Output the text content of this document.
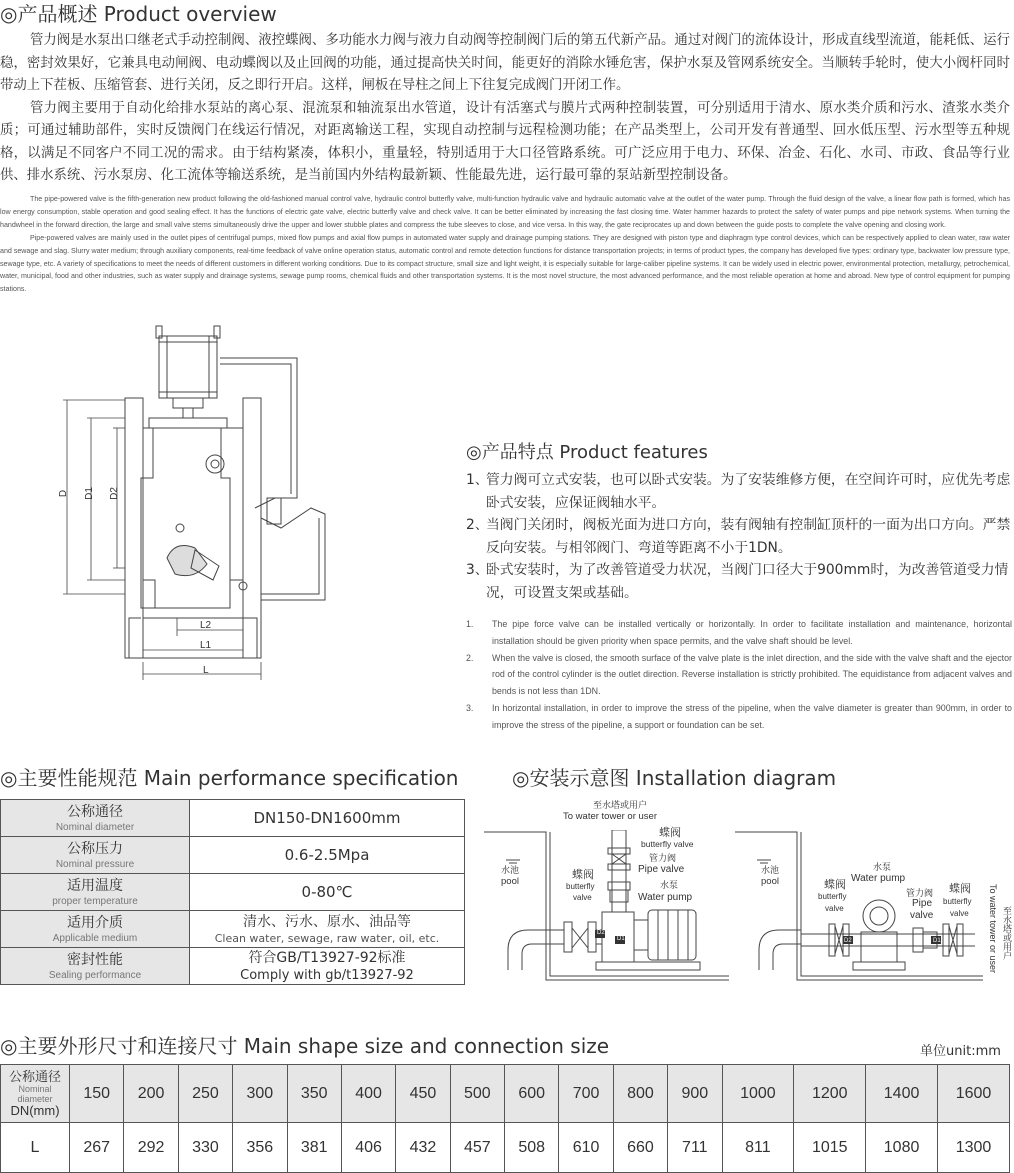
◎产品概述 Product overview
管力阀是水泵出口继老式手动控制阀、液控蝶阀、多功能水力阀与液力自动阀等控制阀门后的第五代新产品。通过对阀门的流体设计，形成直线型流道，能耗低、运行稳，密封效果好，它兼具电动闸阀、电动蝶阀以及止回阀的功能，通过提高快关时间，能更好的消除水锤危害，保护水泵及管网系统安全。当顺转手轮时，使大小阀杆同时带动上下茬板、压缩管套、进行关闭，反之即行开启。这样，闸板在导柱之间上下往复完成阀门开闭工作。
管力阀主要用于自动化给排水泵站的离心泵、混流泵和轴流泵出水管道，设计有活塞式与膜片式两种控制装置，可分别适用于清水、原水类介质和污水、渣浆水类介质；可通过辅助部件，实时反馈阀门在线运行情况，对距离输送工程，实现自动控制与远程检测功能；在产品类型上，公司开发有普通型、回水低压型、污水型等五种规格，以满足不同客户不同工况的需求。由于结构紧凑，体积小，重量轻，特别适用于大口径管路系统。可广泛应用于电力、环保、冶金、石化、水司、市政、食品等行业供、排水系统、污水泵房、化工流体等输送系统，是当前国内外结构最新颖、性能最先进，运行最可靠的泵站新型控制设备。
The pipe-powered valve is the fifth-generation new product following the old-fashioned manual control valve, hydraulic control butterfly valve, multi-function hydraulic valve and hydraulic automatic valve at the outlet of the water pump. Through the fluid design of the valve, a linear flow path is formed, which has low energy consumption, stable operation and good sealing effect. It has the functions of electric gate valve, electric butterfly valve and check valve. It can be better eliminated by increasing the fast closing time. Water hammer hazards to protect the safety of water pumps and pipe network systems. When turning the handwheel in the forward direction, the large and small valve stems simultaneously drive the upper and lower stubble plates and compress the tube sleeves to close, and vice versa. In this way, the gate reciprocates up and down between the guide posts to complete the valve opening and closing work.
Pipe-powered valves are mainly used in the outlet pipes of centrifugal pumps, mixed flow pumps and axial flow pumps in automated water supply and drainage pumping stations. They are designed with piston type and diaphragm type control devices, which can be respectively applied to clean water, raw water and sewage and slag. Slurry water medium; through auxiliary components, real-time feedback of valve online operation status, automatic control and remote detection functions for distance transportation projects; in terms of product types, the company has developed five types: ordinary type, backwater low pressure type, sewage type, etc. A variety of specifications to meet the needs of different customers in different working conditions. Due to its compact structure, small size and light weight, it is especially suitable for large-caliber pipeline systems. It can be widely used in electric power, environmental protection, metallurgy, petrochemical, water, municipal, food and other industries, such as water supply and drainage systems, sewage pump rooms, chemical fluids and other transportation systems. It is the most novel structure, the most advanced performance, and the most reliable operation at home and abroad. New type of control equipment for pumping stations.
D D1 D2
L2
L1
L
◎产品特点 Product features
1、
管力阀可立式安装，也可以卧式安装。为了安装维修方便，在空间许可时，应优先考虑卧式安装，应保证阀轴水平。
2、
当阀门关闭时，阀板光面为进口方向，装有阀轴有控制缸顶杆的一面为出口方向。严禁反向安装。与相邻阀门、弯道等距离不小于1DN。
3、
卧式安装时，为了改善管道受力状况，当阀门口径大于900mm时，为改善管道受力情况，可设置支架或基础。
1.	The pipe force valve can be installed vertically or horizontally. In order to facilitate installation and maintenance, horizontal installation should be given priority when space permits, and the valve shaft should be level.
2.	When the valve is closed, the smooth surface of the valve plate is the inlet direction, and the side with the valve shaft and the ejector rod of the control cylinder is the outlet direction. Reverse installation is strictly prohibited. The equidistance from adjacent valves and bends is not less than 1DN.
3.	In horizontal installation, in order to improve the stress of the pipeline, when the valve diameter is greater than 900mm, in order to improve the stress of the pipeline, a support or foundation can be set.
◎主要性能规范 Main performance specification
公称通径
Nominal diameter	DN150-DN1600mm

公称压力
Nominal pressure	0.6-2.5Mpa

适用温度
proper temperature	0-80℃

适用介质
Applicable medium	清水、污水、原水、油品等
Clean water, sewage, raw water, oil, etc.

密封性能
Sealing performance	符合GB/T13927-92标准
Comply with gb/t13927-92
◎安装示意图 Installation diagram
至水塔或用户
To water tower or user
蝶阀
butterfly valve
管力阀
Pipe valve
水泵
Water pump
水池
pool
蝶阀
butterfly
valve
D2
D1
水池
pool
水泵
Water pump
蝶阀
butterfly
valve
管力阀
Pipe
valve
蝶阀
butterfly
valve	To water tower or user 至水塔或用户
D2	D1
◎主要外形尺寸和连接尺寸 Main shape size and connection size	单位unit:mm
公称通径
Nominal
diameter
DN(mm)	150	200	250	300	350	400	450	500	600	700	800	900	1000	1200	1400	1600
L	267	292	330	356	381	406	432	457	508	610	660	711	811	1015	1080	1300
